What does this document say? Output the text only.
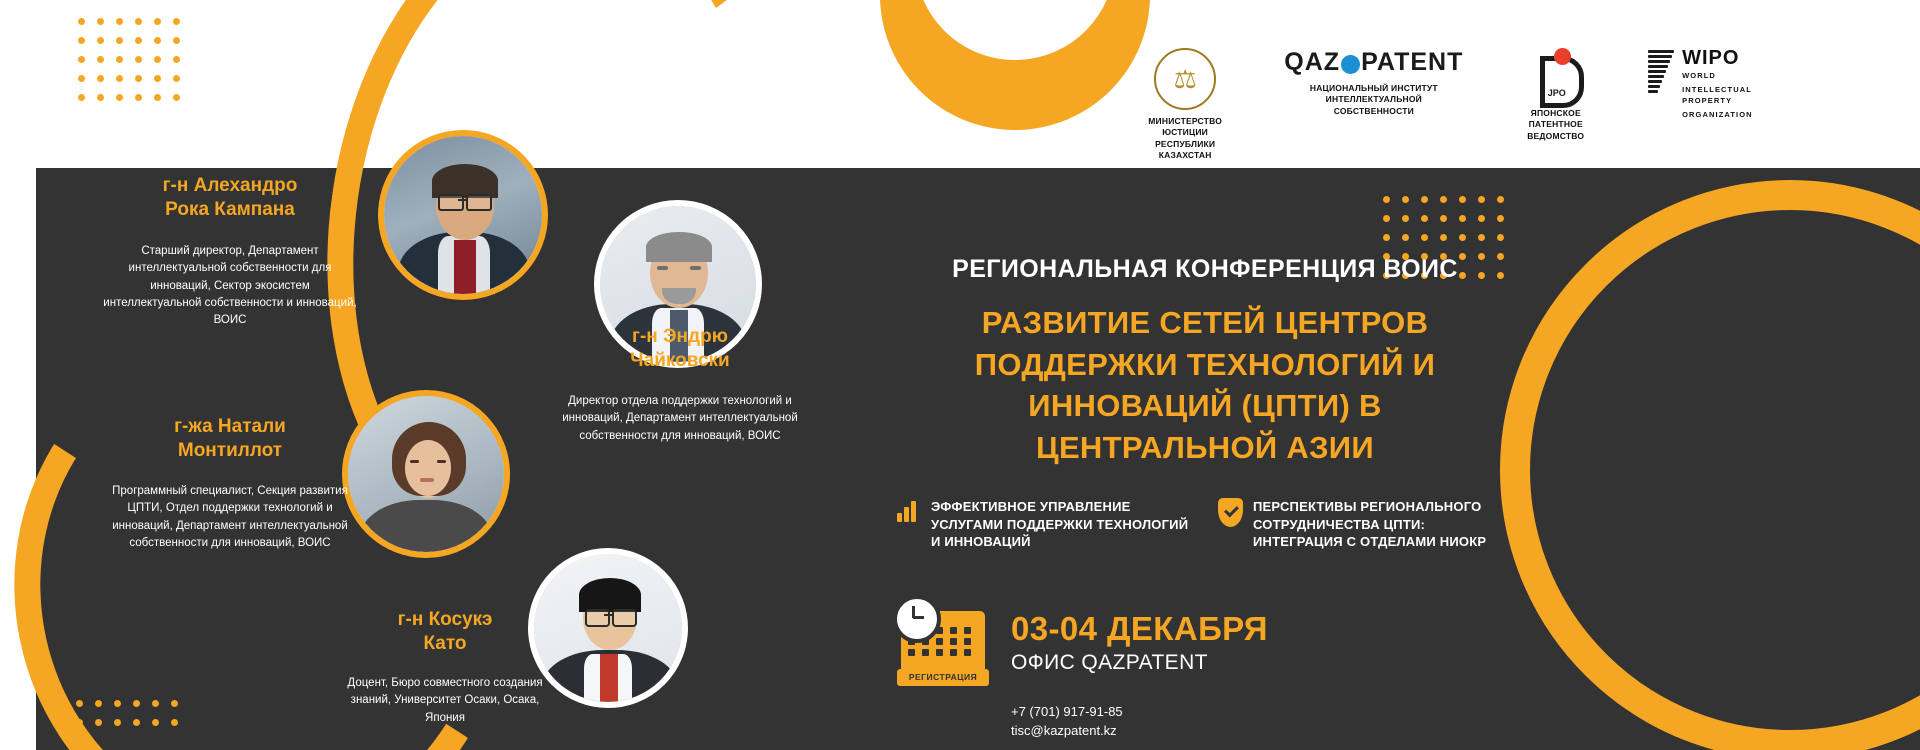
⚖
МИНИСТЕРСТВО ЮСТИЦИИ
РЕСПУБЛИКИ КАЗАХСТАН
QAZ PATENT
НАЦИОНАЛЬНЫЙ ИНСТИТУТ
ИНТЕЛЛЕКТУАЛЬНОЙ
СОБСТВЕННОСТИ
JPO
ЯПОНСКОЕ ПАТЕНТНОЕ
ВЕДОМСТВО
WIPO
WORLD
INTELLECTUAL PROPERTY
ORGANIZATION
г-н Алехандро
Рока Кампана
Старший директор, Департамент интеллектуальной собственности для инноваций, Сектор экосистем интеллектуальной собственности и инноваций, ВОИС
г-н Эндрю
Чайковски
Директор отдела поддержки технологий и инноваций, Департамент интеллектуальной собственности для инноваций, ВОИС
г-жа Натали
Монтиллот
Программный специалист, Секция развития ЦПТИ, Отдел поддержки технологий и инноваций, Департамент интеллектуальной собственности для инноваций, ВОИС
г-н Косукэ
Като
Доцент, Бюро совместного создания знаний, Университет Осаки, Осака, Япония
РЕГИОНАЛЬНАЯ КОНФЕРЕНЦИЯ ВОИС
РАЗВИТИЕ СЕТЕЙ ЦЕНТРОВ
ПОДДЕРЖКИ ТЕХНОЛОГИЙ И
ИННОВАЦИЙ (ЦПТИ) В
ЦЕНТРАЛЬНОЙ АЗИИ
ЭФФЕКТИВНОЕ УПРАВЛЕНИЕ УСЛУГАМИ ПОДДЕРЖКИ ТЕХНОЛОГИЙ И ИННОВАЦИЙ
ПЕРСПЕКТИВЫ РЕГИОНАЛЬНОГО СОТРУДНИЧЕСТВА ЦПТИ: ИНТЕГРАЦИЯ С ОТДЕЛАМИ НИОКР
РЕГИСТРАЦИЯ
03-04 ДЕКАБРЯ
ОФИС QAZPATENT
+7 (701) 917-91-85
tisc@kazpatent.kz
